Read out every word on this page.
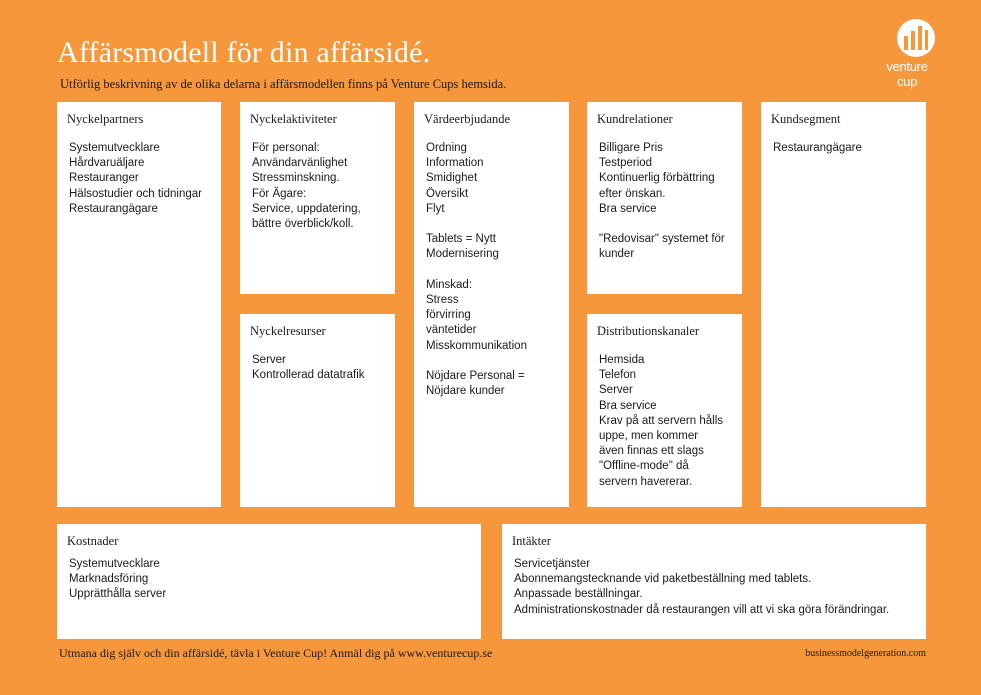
Affärsmodell för din affärsidé.
Utförlig beskrivning av de olika delarna i affärsmodellen finns på Venture Cups hemsida.
venture
cup
Nyckelpartners
Systemutvecklare
Hårdvaruäljare
Restauranger
Hälsostudier och tidningar
Restaurangägare
Nyckelaktiviteter
För personal:
Användarvänlighet
Stressminskning.
För Ägare:
Service, uppdatering,
bättre överblick/koll.
Nyckelresurser
Server
Kontrollerad datatrafik
Värdeerbjudande
Ordning
Information
Smidighet
Översikt
Flyt
Tablets = Nytt
Modernisering
Minskad:
Stress
förvirring
väntetider
Misskommunikation
Nöjdare Personal =
Nöjdare kunder
Kundrelationer
Billigare Pris
Testperiod
Kontinuerlig förbättring
efter önskan.
Bra service
"Redovisar" systemet för
kunder
Distributionskanaler
Hemsida
Telefon
Server
Bra service
Krav på att servern hålls
uppe, men kommer
även finnas ett slags
"Offline-mode" då
servern havererar.
Kundsegment
Restaurangägare
Kostnader
Systemutvecklare
Marknadsföring
Upprätthålla server
Intäkter
Servicetjänster
Abonnemangstecknande vid paketbeställning med tablets.
Anpassade beställningar.
Administrationskostnader då restaurangen vill att vi ska göra förändringar.
Utmana dig själv och din affärsidé, tävla i Venture Cup! Anmäl dig på www.venturecup.se	businessmodelgeneration.com
